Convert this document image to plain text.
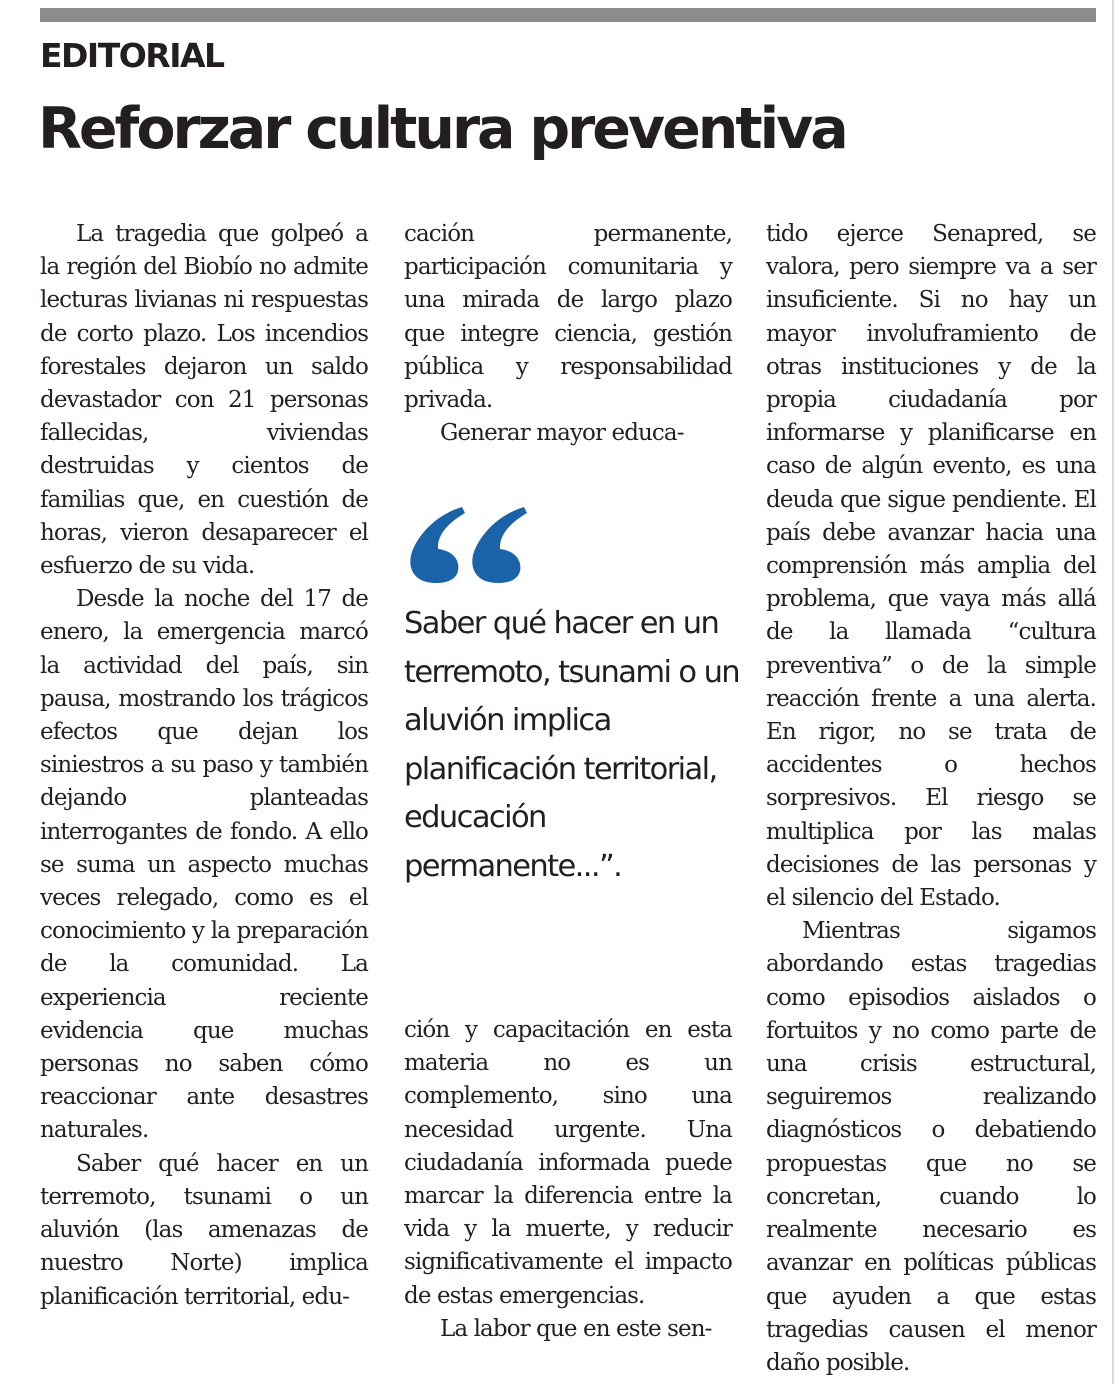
EDITORIAL
Reforzar cultura preventiva

La tragedia que golpeó a la región del Biobío no admite lecturas livianas ni respuestas de corto plazo. Los incendios forestales dejaron un saldo devastador con 21 personas fallecidas, viviendas destruidas y cientos de familias que, en cuestión de horas, vieron desaparecer el esfuerzo de su vida.

Desde la noche del 17 de enero, la emergencia marcó la actividad del país, sin pausa, mostrando los trágicos efectos que dejan los siniestros a su paso y también dejando planteadas interrogantes de fondo. A ello se suma un aspecto muchas veces relegado, como es el conocimiento y la preparación de la comunidad. La experiencia reciente evidencia que muchas personas no saben cómo reaccionar ante desastres naturales.

Saber qué hacer en un terremoto, tsunami o un aluvión (las amenazas de nuestro Norte) implica planificación territorial, edu-

cación permanente, participación comunitaria y una mirada de largo plazo que integre ciencia, gestión pública y responsabilidad privada.

Generar mayor educa-

Saber qué hacer en un terremoto, tsunami o un aluvión implica planificación territorial, educación permanente...”.

ción y capacitación en esta materia no es un complemento, sino una necesidad urgente. Una ciudadanía informada puede marcar la diferencia entre la vida y la muerte, y reducir significativamente el impacto de estas emergencias.

La labor que en este sen-

tido ejerce Senapred, se valora, pero siempre va a ser insuficiente. Si no hay un mayor involuframiento de otras instituciones y de la propia ciudadanía por informarse y planificarse en caso de algún evento, es una deuda que sigue pendiente. El país debe avanzar hacia una comprensión más amplia del problema, que vaya más allá de la llamada “cultura preventiva” o de la simple reacción frente a una alerta. En rigor, no se trata de accidentes o hechos sorpresivos. El riesgo se multiplica por las malas decisiones de las personas y el silencio del Estado.

Mientras sigamos abordando estas tragedias como episodios aislados o fortuitos y no como parte de una crisis estructural, seguiremos realizando diagnósticos o debatiendo propuestas que no se concretan, cuando lo realmente necesario es avanzar en políticas públicas que ayuden a que estas tragedias causen el menor daño posible.
